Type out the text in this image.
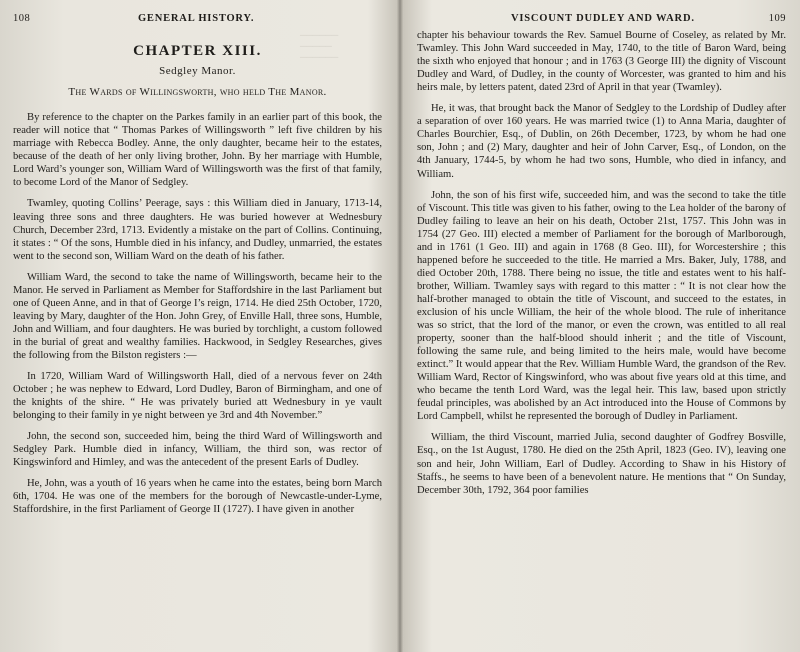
──────
─────
──────
108	GENERAL HISTORY.
CHAPTER XIII.
Sedgley Manor.
The Wards of Willingsworth, who held The Manor.

By reference to the chapter on the Parkes family in an earlier part of this book, the reader will notice that “ Thomas Parkes of Willingsworth ” left five children by his marriage with Rebecca Bodley. Anne, the only daughter, became heir to the estates, because of the death of her only living brother, John. By her marriage with Humble, Lord Ward’s younger son, William Ward of Willingsworth was the first of that family, to become Lord of the Manor of Sedgley.

Twamley, quoting Collins’ Peerage, says : this William died in January, 1713-14, leaving three sons and three daughters. He was buried however at Wednesbury Church, December 23rd, 1713. Evidently a mistake on the part of Collins. Continuing, it states : “ Of the sons, Humble died in his infancy, and Dudley, unmarried, the estates went to the second son, William Ward on the death of his father.

William Ward, the second to take the name of Willingsworth, became heir to the Manor. He served in Parliament as Member for Staffordshire in the last Parliament but one of Queen Anne, and in that of George I’s reign, 1714. He died 25th October, 1720, leaving by Mary, daughter of the Hon. John Grey, of Enville Hall, three sons, Humble, John and William, and four daughters. He was buried by torchlight, a custom followed in the burial of great and wealthy families. Hackwood, in Sedgley Researches, gives the following from the Bilston registers :—

In 1720, William Ward of Willingsworth Hall, died of a nervous fever on 24th October ; he was nephew to Edward, Lord Dudley, Baron of Birmingham, and one of the knights of the shire. “ He was privately buried att Wednesbury in ye vault belonging to their family in ye night between ye 3rd and 4th November.”

John, the second son, succeeded him, being the third Ward of Willingsworth and Sedgley Park. Humble died in infancy, William, the third son, was rector of Kingswinford and Himley, and was the antecedent of the present Earls of Dudley.

He, John, was a youth of 16 years when he came into the estates, being born March 6th, 1704. He was one of the members for the borough of Newcastle-under-Lyme, Staffordshire, in the first Parliament of George II (1727). I have given in another

VISCOUNT DUDLEY AND WARD.	109

chapter his behaviour towards the Rev. Samuel Bourne of Coseley, as related by Mr. Twamley. This John Ward succeeded in May, 1740, to the title of Baron Ward, being the sixth who enjoyed that honour ; and in 1763 (3 George III) the dignity of Viscount Dudley and Ward, of Dudley, in the county of Worcester, was granted to him and his heirs male, by letters patent, dated 23rd of April in that year (Twamley).

He, it was, that brought back the Manor of Sedgley to the Lordship of Dudley after a separation of over 160 years. He was married twice (1) to Anna Maria, daughter of Charles Bourchier, Esq., of Dublin, on 26th December, 1723, by whom he had one son, John ; and (2) Mary, daughter and heir of John Carver, Esq., of London, on the 4th January, 1744-5, by whom he had two sons, Humble, who died in infancy, and William.

John, the son of his first wife, succeeded him, and was the second to take the title of Viscount. This title was given to his father, owing to the Lea holder of the barony of Dudley failing to leave an heir on his death, October 21st, 1757. This John was in 1754 (27 Geo. III) elected a member of Parliament for the borough of Marlborough, and in 1761 (1 Geo. III) and again in 1768 (8 Geo. III), for Worcestershire ; this happened before he succeeded to the title. He married a Mrs. Baker, July, 1788, and died October 20th, 1788. There being no issue, the title and estates went to his half-brother, William. Twamley says with regard to this matter : “ It is not clear how the half-brother managed to obtain the title of Viscount, and succeed to the estates, in exclusion of his uncle William, the heir of the whole blood. The rule of inheritance was so strict, that the lord of the manor, or even the crown, was entitled to all real property, sooner than the half-blood should inherit ; and the title of Viscount, following the same rule, and being limited to the heirs male, would have become extinct.” It would appear that the Rev. William Humble Ward, the grandson of the Rev. William Ward, Rector of Kingswinford, who was about five years old at this time, and who became the tenth Lord Ward, was the legal heir. This law, based upon strictly feudal principles, was abolished by an Act introduced into the House of Commons by Lord Campbell, whilst he represented the borough of Dudley in Parliament.

William, the third Viscount, married Julia, second daughter of Godfrey Bosville, Esq., on the 1st August, 1780. He died on the 25th April, 1823 (Geo. IV), leaving one son and heir, John William, Earl of Dudley. According to Shaw in his History of Staffs., he seems to have been of a benevolent nature. He mentions that “ On Sunday, December 30th, 1792, 364 poor families
